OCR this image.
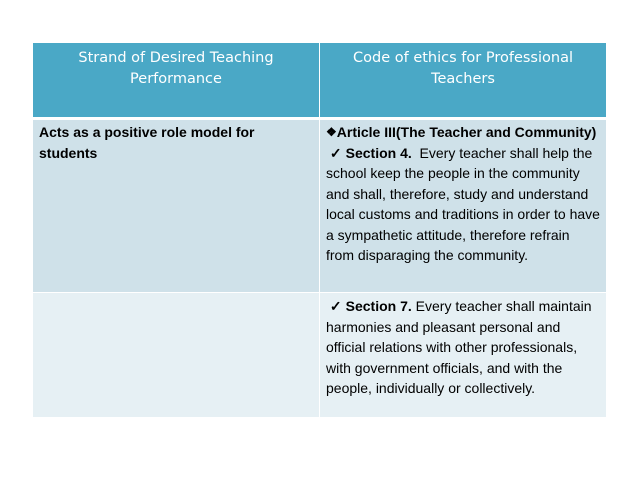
Strand of Desired Teaching Performance	Code of ethics for Professional Teachers

Acts as a positive role model for students	❖Article III(The Teacher and Community)
✓ Section 4. Every teacher shall help the school keep the people in the community and shall, therefore, study and understand local customs and traditions in order to have a sympathetic attitude, therefore refrain from disparaging the community.

	✓ Section 7. Every teacher shall maintain harmonies and pleasant personal and official relations with other professionals, with government officials, and with the people, individually or collectively.
